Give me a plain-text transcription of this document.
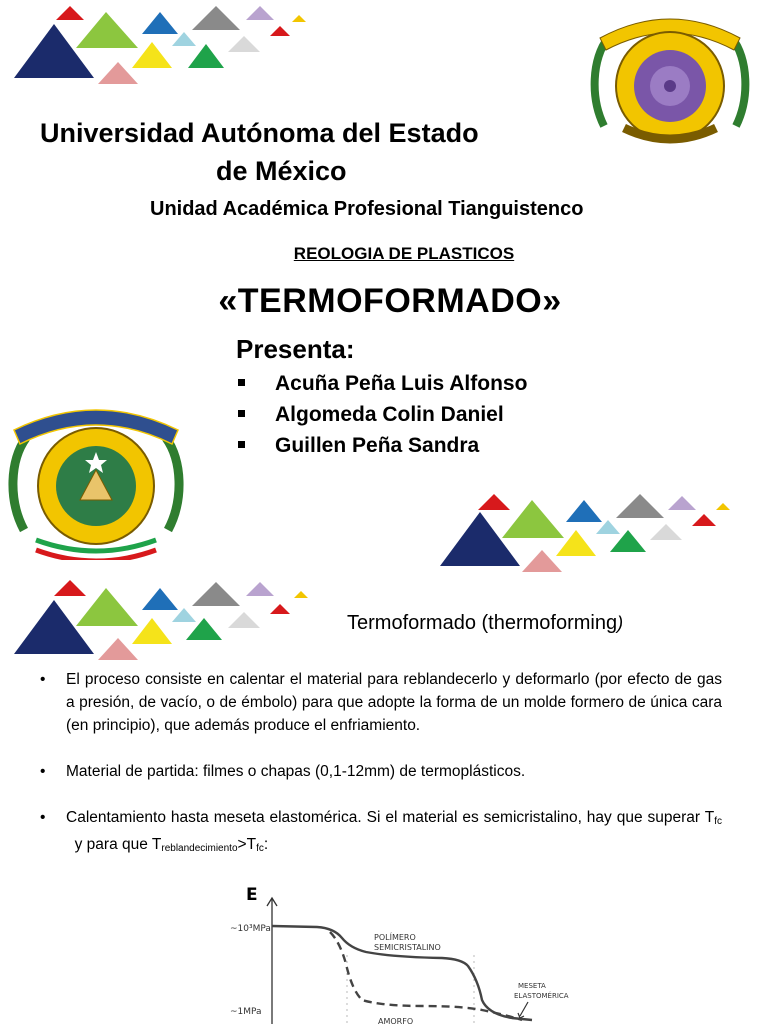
Universidad Autónoma del Estado
de México
Unidad Académica Profesional Tianguistenco
REOLOGIA DE PLASTICOS
«TERMOFORMADO»
Presenta:
Acuña Peña Luis Alfonso
Algomeda Colin Daniel
Guillen Peña Sandra
Termoformado (thermoforming)
• El proceso consiste en calentar el material para reblandecerlo y deformarlo (por efecto de gas a presión, de vacío, o de émbolo) para que adopte la forma de un molde formero de única cara (en principio), que además produce el enfriamiento.
• Material de partida: filmes o chapas (0,1-12mm) de termoplásticos.
• Calentamiento hasta meseta elastomérica. Si el material es semicristalino, hay que superar $T_{fc}$  y para que $T_{reblandecimiento}>T_{fc}$:
E
~10³MPa
~1MPa
POLÍMERO
SEMICRISTALINO
AMORFO
MESETA
ELASTOMÉRICA
